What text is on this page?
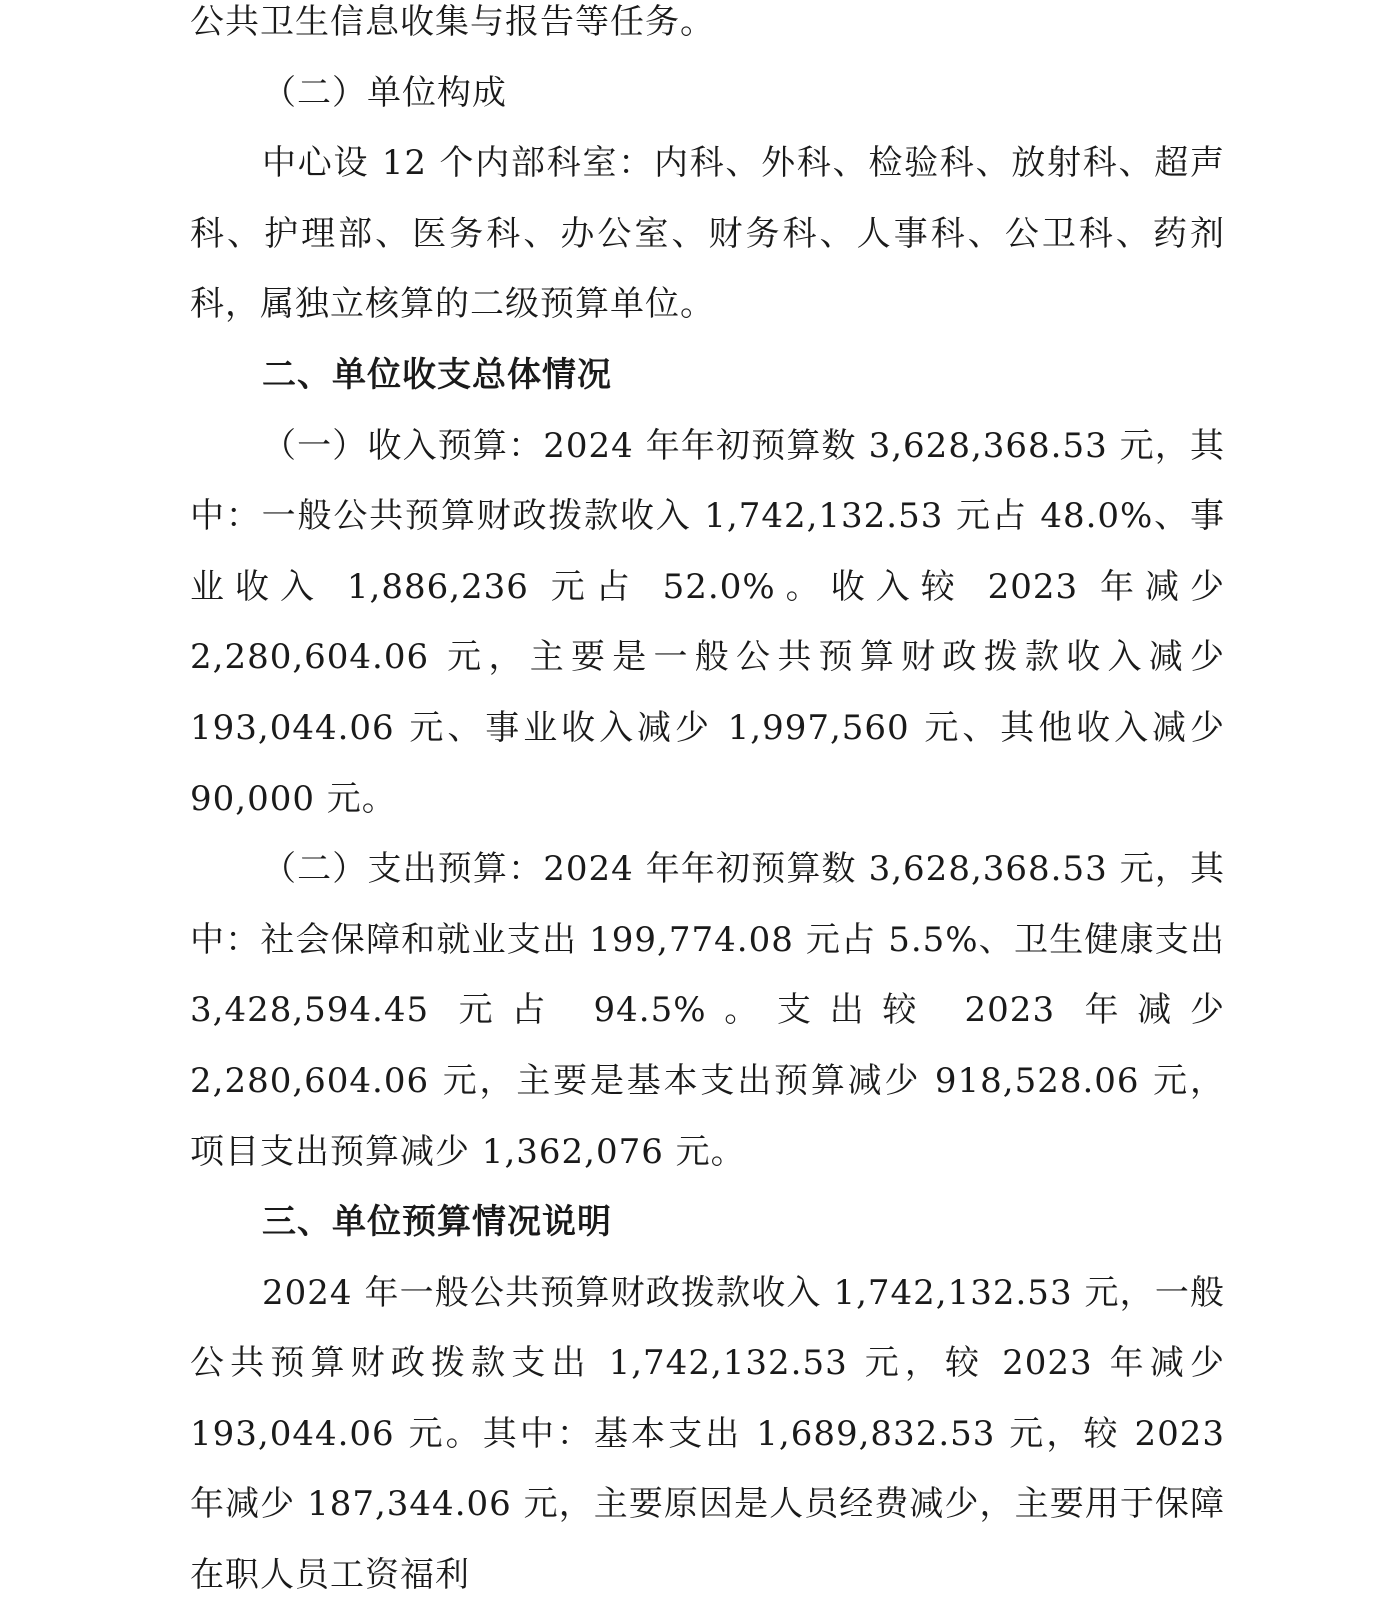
公共卫生信息收集与报告等任务。

（二）单位构成

中心设 12 个内部科室：内科、外科、检验科、放射科、超声科、护理部、医务科、办公室、财务科、人事科、公卫科、药剂科，属独立核算的二级预算单位。

二、单位收支总体情况

（一）收入预算：2024 年年初预算数 3,628,368.53 元，其中：一般公共预算财政拨款收入 1,742,132.53 元占 48.0%、事业收入 1,886,236 元占 52.0%。收入较 2023 年减少 2,280,604.06 元，主要是一般公共预算财政拨款收入减少 193,044.06 元、事业收入减少 1,997,560 元、其他收入减少 90,000 元。

（二）支出预算：2024 年年初预算数 3,628,368.53 元，其中：社会保障和就业支出 199,774.08 元占 5.5%、卫生健康支出 3,428,594.45 元占 94.5%。支出较 2023 年减少 2,280,604.06 元，主要是基本支出预算减少 918,528.06 元，项目支出预算减少 1,362,076 元。

三、单位预算情况说明

2024 年一般公共预算财政拨款收入 1,742,132.53 元，一般公共预算财政拨款支出 1,742,132.53 元，较 2023 年减少 193,044.06 元。其中：基本支出 1,689,832.53 元，较 2023 年减少 187,344.06 元，主要原因是人员经费减少，主要用于保障在职人员工资福利
